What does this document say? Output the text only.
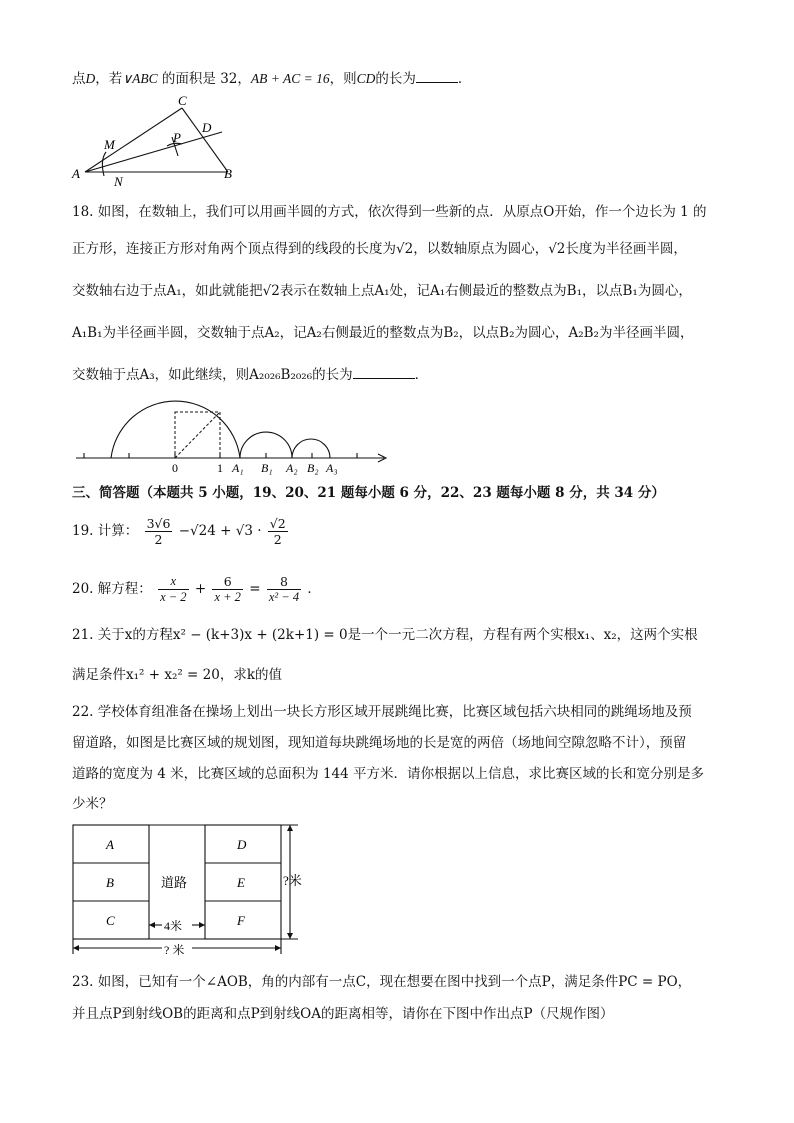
点D，若∨ABC 的面积是 32，AB + AC = 16，则CD的长为	．
C
M	P
D
A
N
B
18. 如图，在数轴上，我们可以用画半圆的方式，依次得到一些新的点．从原点O开始，作一个边长为 1 的
正方形，连接正方形对角两个顶点得到的线段的长度为√2，以数轴原点为圆心，√2长度为半径画半圆，
交数轴右边于点A₁，如此就能把√2表示在数轴上点A₁处，记A₁右侧最近的整数点为B₁，以点B₁为圆心，
A₁B₁为半径画半圆，交数轴于点A₂，记A₂右侧最近的整数点为B₂，以点B₂为圆心，A₂B₂为半径画半圆，
交数轴于点A₃，如此继续，则A₂₀₂₆B₂₀₂₆的长为	．
0	1 A₁ B₁ A₂ B₂ A₃
三、简答题（本题共 5 小题，19、20、21 题每小题 6 分，22、23 题每小题 8 分，共 34 分）
19. 计算： $\frac{3√6}{2} -√24 + √3 \cdot \frac{√2}{2}$
20. 解方程： $\frac{x}{x - 2} + \frac{6}{x + 2} = \frac{8}{\text{x² − 4}}$ ．
21. 关于x的方程x² − (k+3)x + (2k+1) = 0是一个一元二次方程，方程有两个实根x₁、x₂，这两个实根
满足条件x₁² + x₂² = 20，求k的值
22. 学校体育组准备在操场上划出一块长方形区域开展跳绳比赛，比赛区域包括六块相同的跳绳场地及预
留道路，如图是比赛区域的规划图，现知道每块跳绳场地的长是宽的两倍（场地间空隙忽略不计），预留
道路的宽度为 4 米，比赛区域的总面积为 144 平方米．请你根据以上信息，求比赛区域的长和宽分别是多
少米？
A
B
C
D
E
F
道路
4米
?米
? 米
23. 如图，已知有一个∠AOB，角的内部有一点C，现在想要在图中找到一个点P，满足条件PC = PO，
并且点P到射线OB的距离和点P到射线OA的距离相等，请你在下图中作出点P（尺规作图）
